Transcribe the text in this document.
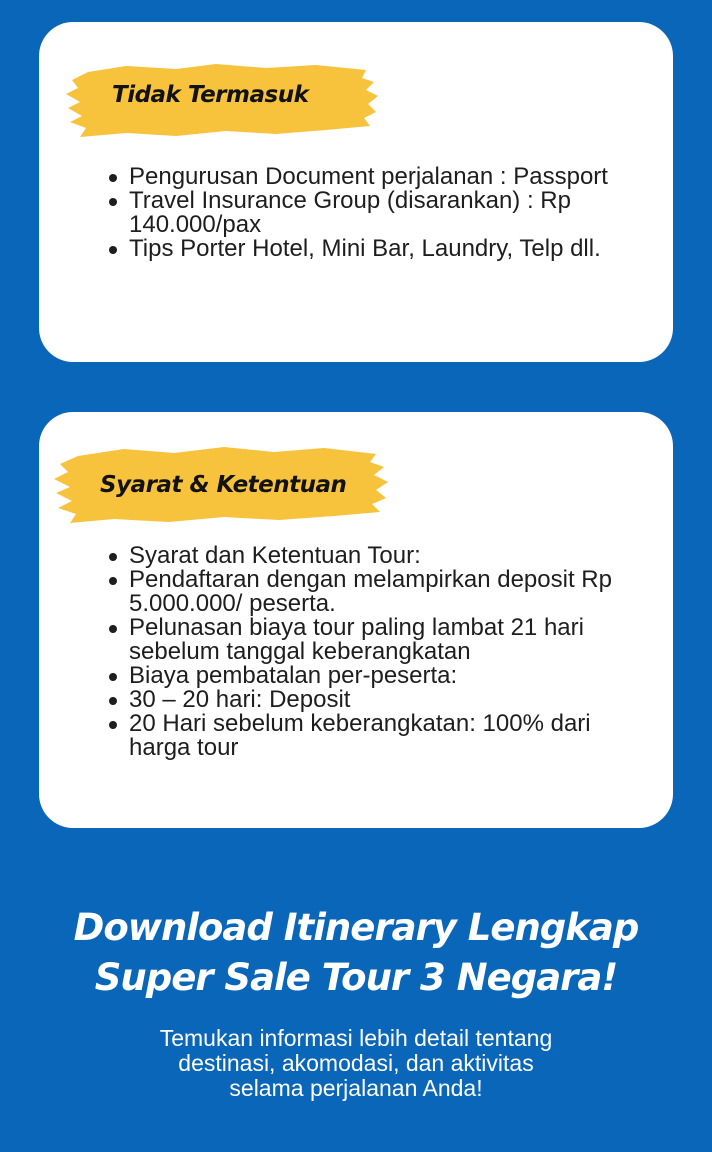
Tidak Termasuk
Pengurusan Document perjalanan : Passport
Travel Insurance Group (disarankan) : Rp 140.000/pax
Tips Porter Hotel, Mini Bar, Laundry, Telp dll.
Syarat & Ketentuan
Syarat dan Ketentuan Tour:
Pendaftaran dengan melampirkan deposit Rp 5.000.000/ peserta.
Pelunasan biaya tour paling lambat 21 hari sebelum tanggal keberangkatan
Biaya pembatalan per-peserta:
30 – 20 hari: Deposit
20 Hari sebelum keberangkatan: 100% dari harga tour
Download Itinerary Lengkap
Super Sale Tour 3 Negara!

Temukan informasi lebih detail tentang
destinasi, akomodasi, dan aktivitas
selama perjalanan Anda!
